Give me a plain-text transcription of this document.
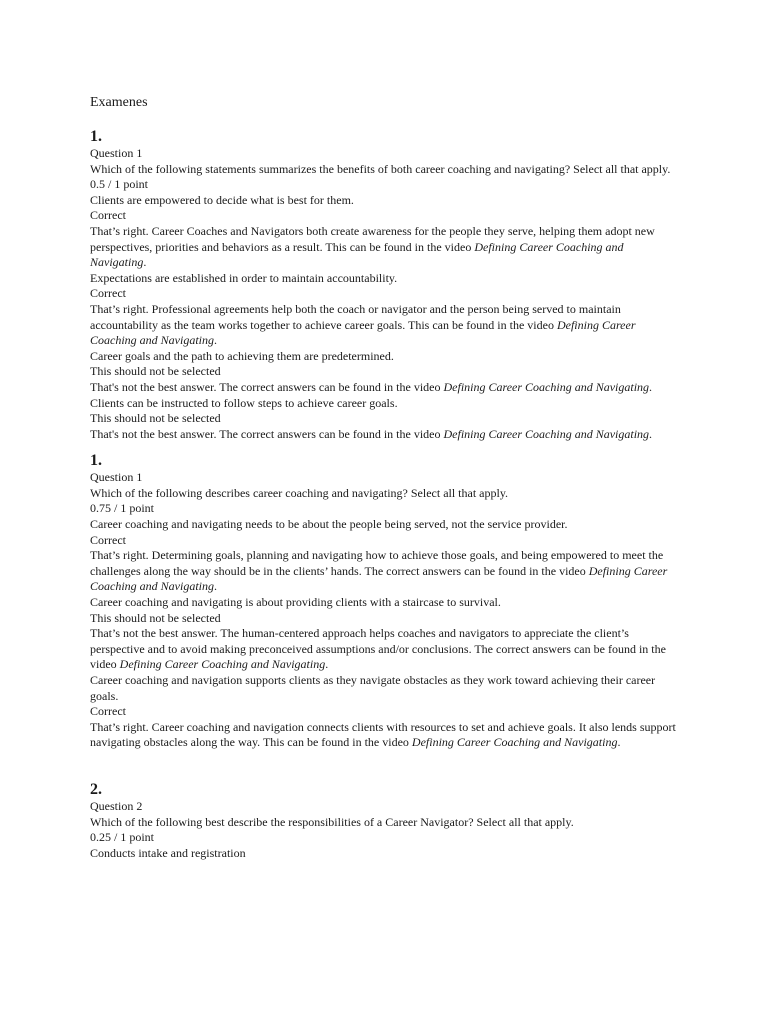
Examenes

1.

Question 1

Which of the following statements summarizes the benefits of both career coaching and navigating? Select all that apply.

0.5 / 1 point

Clients are empowered to decide what is best for them.

Correct

That’s right. Career Coaches and Navigators both create awareness for the people they serve, helping them adopt new perspectives, priorities and behaviors as a result. This can be found in the video Defining Career Coaching and Navigating.

Expectations are established in order to maintain accountability.

Correct

That’s right. Professional agreements help both the coach or navigator and the person being served to maintain accountability as the team works together to achieve career goals. This can be found in the video Defining Career Coaching and Navigating.

Career goals and the path to achieving them are predetermined.

This should not be selected

That's not the best answer. The correct answers can be found in the video Defining Career Coaching and Navigating.

Clients can be instructed to follow steps to achieve career goals.

This should not be selected

That's not the best answer. The correct answers can be found in the video Defining Career Coaching and Navigating.

1.

Question 1

Which of the following describes career coaching and navigating? Select all that apply.

0.75 / 1 point

Career coaching and navigating needs to be about the people being served, not the service provider.

Correct

That’s right. Determining goals, planning and navigating how to achieve those goals, and being empowered to meet the challenges along the way should be in the clients’ hands. The correct answers can be found in the video Defining Career Coaching and Navigating.

Career coaching and navigating is about providing clients with a staircase to survival.

This should not be selected

That’s not the best answer. The human-centered approach helps coaches and navigators to appreciate the client’s perspective and to avoid making preconceived assumptions and/or conclusions. The correct answers can be found in the video Defining Career Coaching and Navigating.

Career coaching and navigation supports clients as they navigate obstacles as they work toward achieving their career goals.

Correct

That’s right. Career coaching and navigation connects clients with resources to set and achieve goals. It also lends support navigating obstacles along the way. This can be found in the video Defining Career Coaching and Navigating.

2.

Question 2

Which of the following best describe the responsibilities of a Career Navigator? Select all that apply.

0.25 / 1 point

Conducts intake and registration
